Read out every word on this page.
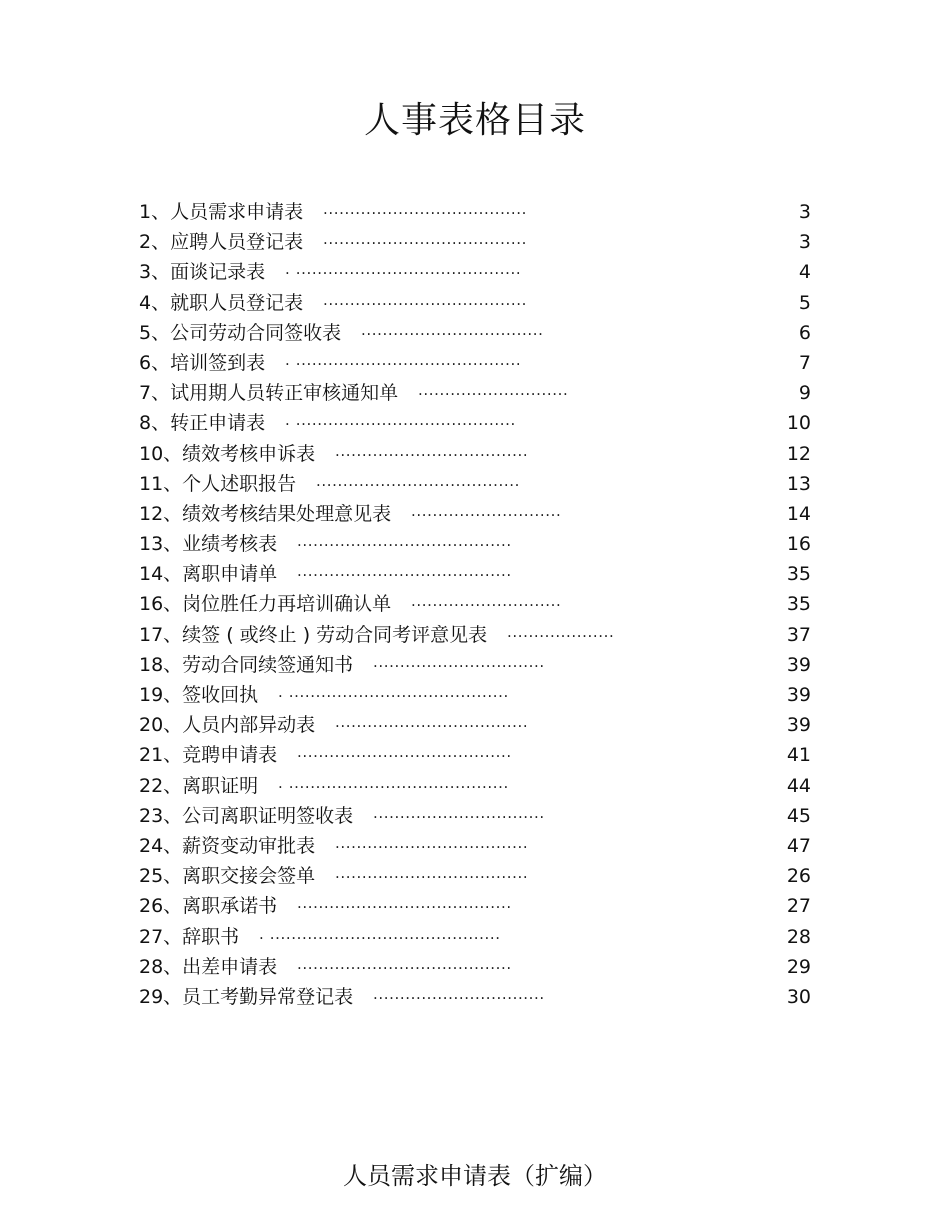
人事表格目录
1、人员需求申请表 ......................................	3
2、应聘人员登记表 ......................................	3
3、面谈记录表 . ..........................................	4
4、就职人员登记表 ......................................	5
5、公司劳动合同签收表 ..................................	6
6、培训签到表 . ..........................................	7
7、试用期人员转正审核通知单 ............................	9
8、转正申请表 . .........................................	10
10、绩效考核申诉表 ....................................	12
11、个人述职报告 ......................................	13
12、绩效考核结果处理意见表 ............................	14
13、业绩考核表 ........................................	16
14、离职申请单 ........................................	35
16、岗位胜任力再培训确认单 ............................	35
17、续签 ( 或终止 ) 劳动合同考评意见表 ....................	37
18、劳动合同续签通知书 ................................	39
19、签收回执 . .........................................	39
20、人员内部异动表 ....................................	39
21、竞聘申请表 ........................................	41
22、离职证明 . .........................................	44
23、公司离职证明签收表 ................................	45
24、薪资变动审批表 ....................................	47
25、离职交接会签单 ....................................	26
26、离职承诺书 ........................................	27
27、辞职书 . ...........................................	28
28、出差申请表 ........................................	29
29、员工考勤异常登记表 ................................	30
人员需求申请表（扩编）
